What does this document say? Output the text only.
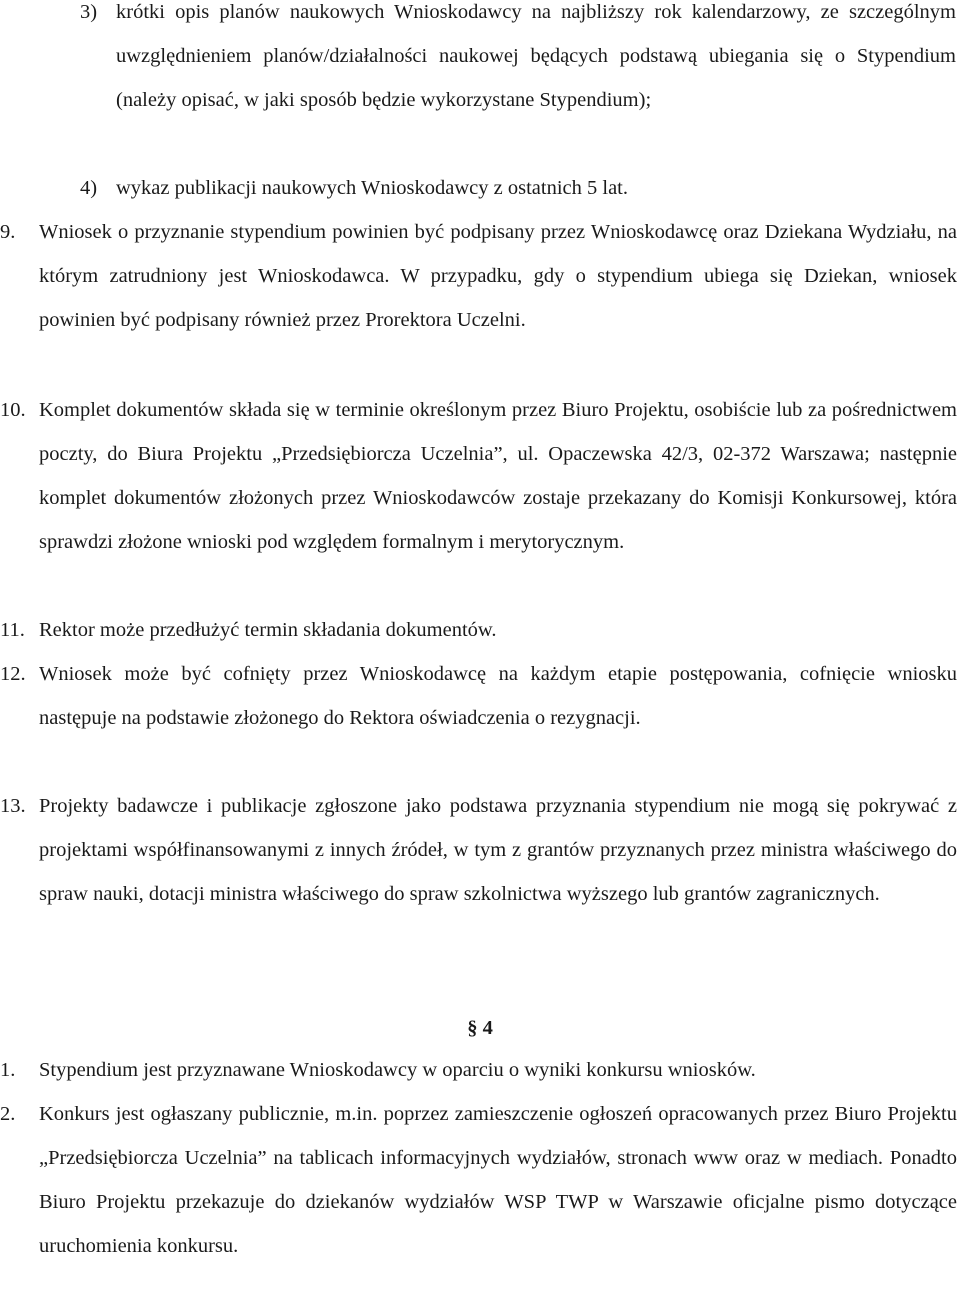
3) krótki opis planów naukowych Wnioskodawcy na najbliższy rok kalendarzowy, ze szczególnym uwzględnieniem planów/działalności naukowej będących podstawą ubiegania się o Stypendium (należy opisać, w jaki sposób będzie wykorzystane Stypendium);
4) wykaz publikacji naukowych Wnioskodawcy z ostatnich 5 lat.
9. Wniosek o przyznanie stypendium powinien być podpisany przez Wnioskodawcę oraz Dziekana Wydziału, na którym zatrudniony jest Wnioskodawca. W przypadku, gdy o stypendium ubiega się Dziekan, wniosek powinien być podpisany również przez Prorektora Uczelni.
10. Komplet dokumentów składa się w terminie określonym przez Biuro Projektu, osobiście lub za pośrednictwem poczty, do Biura Projektu „Przedsiębiorcza Uczelnia”, ul. Opaczewska 42/3, 02-372 Warszawa; następnie komplet dokumentów złożonych przez Wnioskodawców zostaje przekazany do Komisji Konkursowej, która sprawdzi złożone wnioski pod względem formalnym i merytorycznym.
11. Rektor może przedłużyć termin składania dokumentów.
12. Wniosek może być cofnięty przez Wnioskodawcę na każdym etapie postępowania, cofnięcie wniosku następuje na podstawie złożonego do Rektora oświadczenia o rezygnacji.
13. Projekty badawcze i publikacje zgłoszone jako podstawa przyznania stypendium nie mogą się pokrywać z projektami współfinansowanymi z innych źródeł, w tym z grantów przyznanych przez ministra właściwego do spraw nauki, dotacji ministra właściwego do spraw szkolnictwa wyższego lub grantów zagranicznych.
§ 4
1. Stypendium jest przyznawane Wnioskodawcy w oparciu o wyniki konkursu wniosków.
2. Konkurs jest ogłaszany publicznie, m.in. poprzez zamieszczenie ogłoszeń opracowanych przez Biuro Projektu „Przedsiębiorcza Uczelnia” na tablicach informacyjnych wydziałów, stronach www oraz w mediach. Ponadto Biuro Projektu przekazuje do dziekanów wydziałów WSP TWP w Warszawie oficjalne pismo dotyczące uruchomienia konkursu.
